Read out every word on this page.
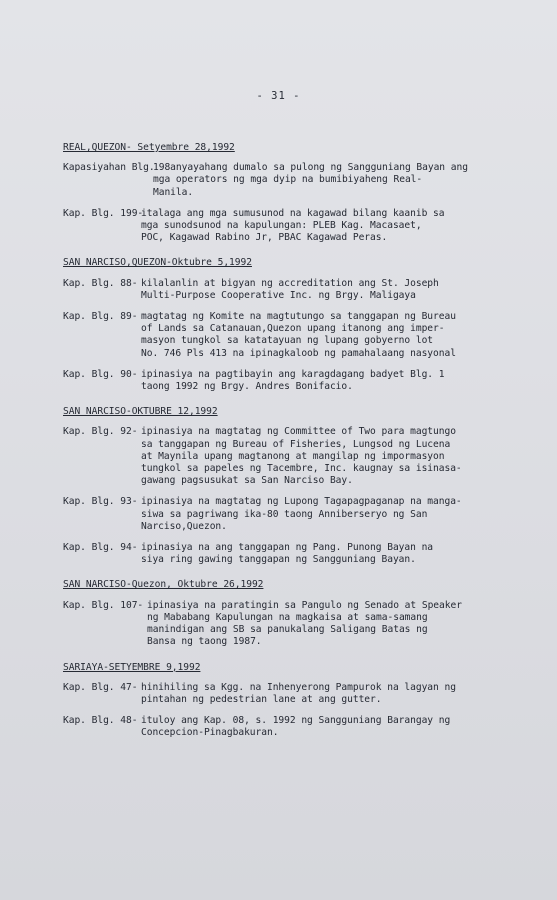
- 31 -
REAL,QUEZON- Setyembre 28,1992
Kapasiyahan Blg.
198anyayahang dumalo sa pulong ng Sangguniang Bayan ang
mga operators ng mga dyip na bumibiyaheng Real-
Manila.
Kap. Blg. 199-
italaga ang mga sumusunod na kagawad bilang kaanib sa
mga sunodsunod na kapulungan: PLEB Kag. Macasaet,
POC, Kagawad Rabino Jr, PBAC Kagawad Peras.
SAN NARCISO,QUEZON-Oktubre 5,1992
Kap. Blg. 88- kilalanlin at bigyan ng accreditation ang St. Joseph
Multi-Purpose Cooperative Inc. ng Brgy. Maligaya
Kap. Blg. 89- magtatag ng Komite na magtutungo sa tanggapan ng Bureau
of Lands sa Catanauan,Quezon upang itanong ang imper-
masyon tungkol sa katatayuan ng lupang gobyerno lot
No. 746 Pls 413 na ipinagkaloob ng pamahalaang nasyonal
Kap. Blg. 90- ipinasiya na pagtibayin ang karagdagang badyet Blg. 1
taong 1992 ng Brgy. Andres Bonifacio.
SAN NARCISO-OKTUBRE 12,1992
Kap. Blg. 92- ipinasiya na magtatag ng Committee of Two para magtungo
sa tanggapan ng Bureau of Fisheries, Lungsod ng Lucena
at Maynila upang magtanong at mangilap ng impormasyon
tungkol sa papeles ng Tacembre, Inc. kaugnay sa isinasa-
gawang pagsusukat sa San Narciso Bay.
Kap. Blg. 93- ipinasiya na magtatag ng Lupong Tagapagpaganap na manga-
siwa sa pagriwang ika-80 taong Anniberseryo ng San
Narciso,Quezon.
Kap. Blg. 94- ipinasiya na ang tanggapan ng Pang. Punong Bayan na
siya ring gawing tanggapan ng Sangguniang Bayan.
SAN NARCISO-Quezon, Oktubre 26,1992
Kap. Blg. 107- ipinasiya na paratingin sa Pangulo ng Senado at Speaker
ng Mababang Kapulungan na magkaisa at sama-samang
manindigan ang SB sa panukalang Saligang Batas ng
Bansa ng taong 1987.
SARIAYA-SETYEMBRE 9,1992
Kap. Blg. 47- hinihiling sa Kgg. na Inhenyerong Pampurok na lagyan ng
pintahan ng pedestrian lane at ang gutter.
Kap. Blg. 48- ituloy ang Kap. 08, s. 1992 ng Sangguniang Barangay ng
Concepcion-Pinagbakuran.
